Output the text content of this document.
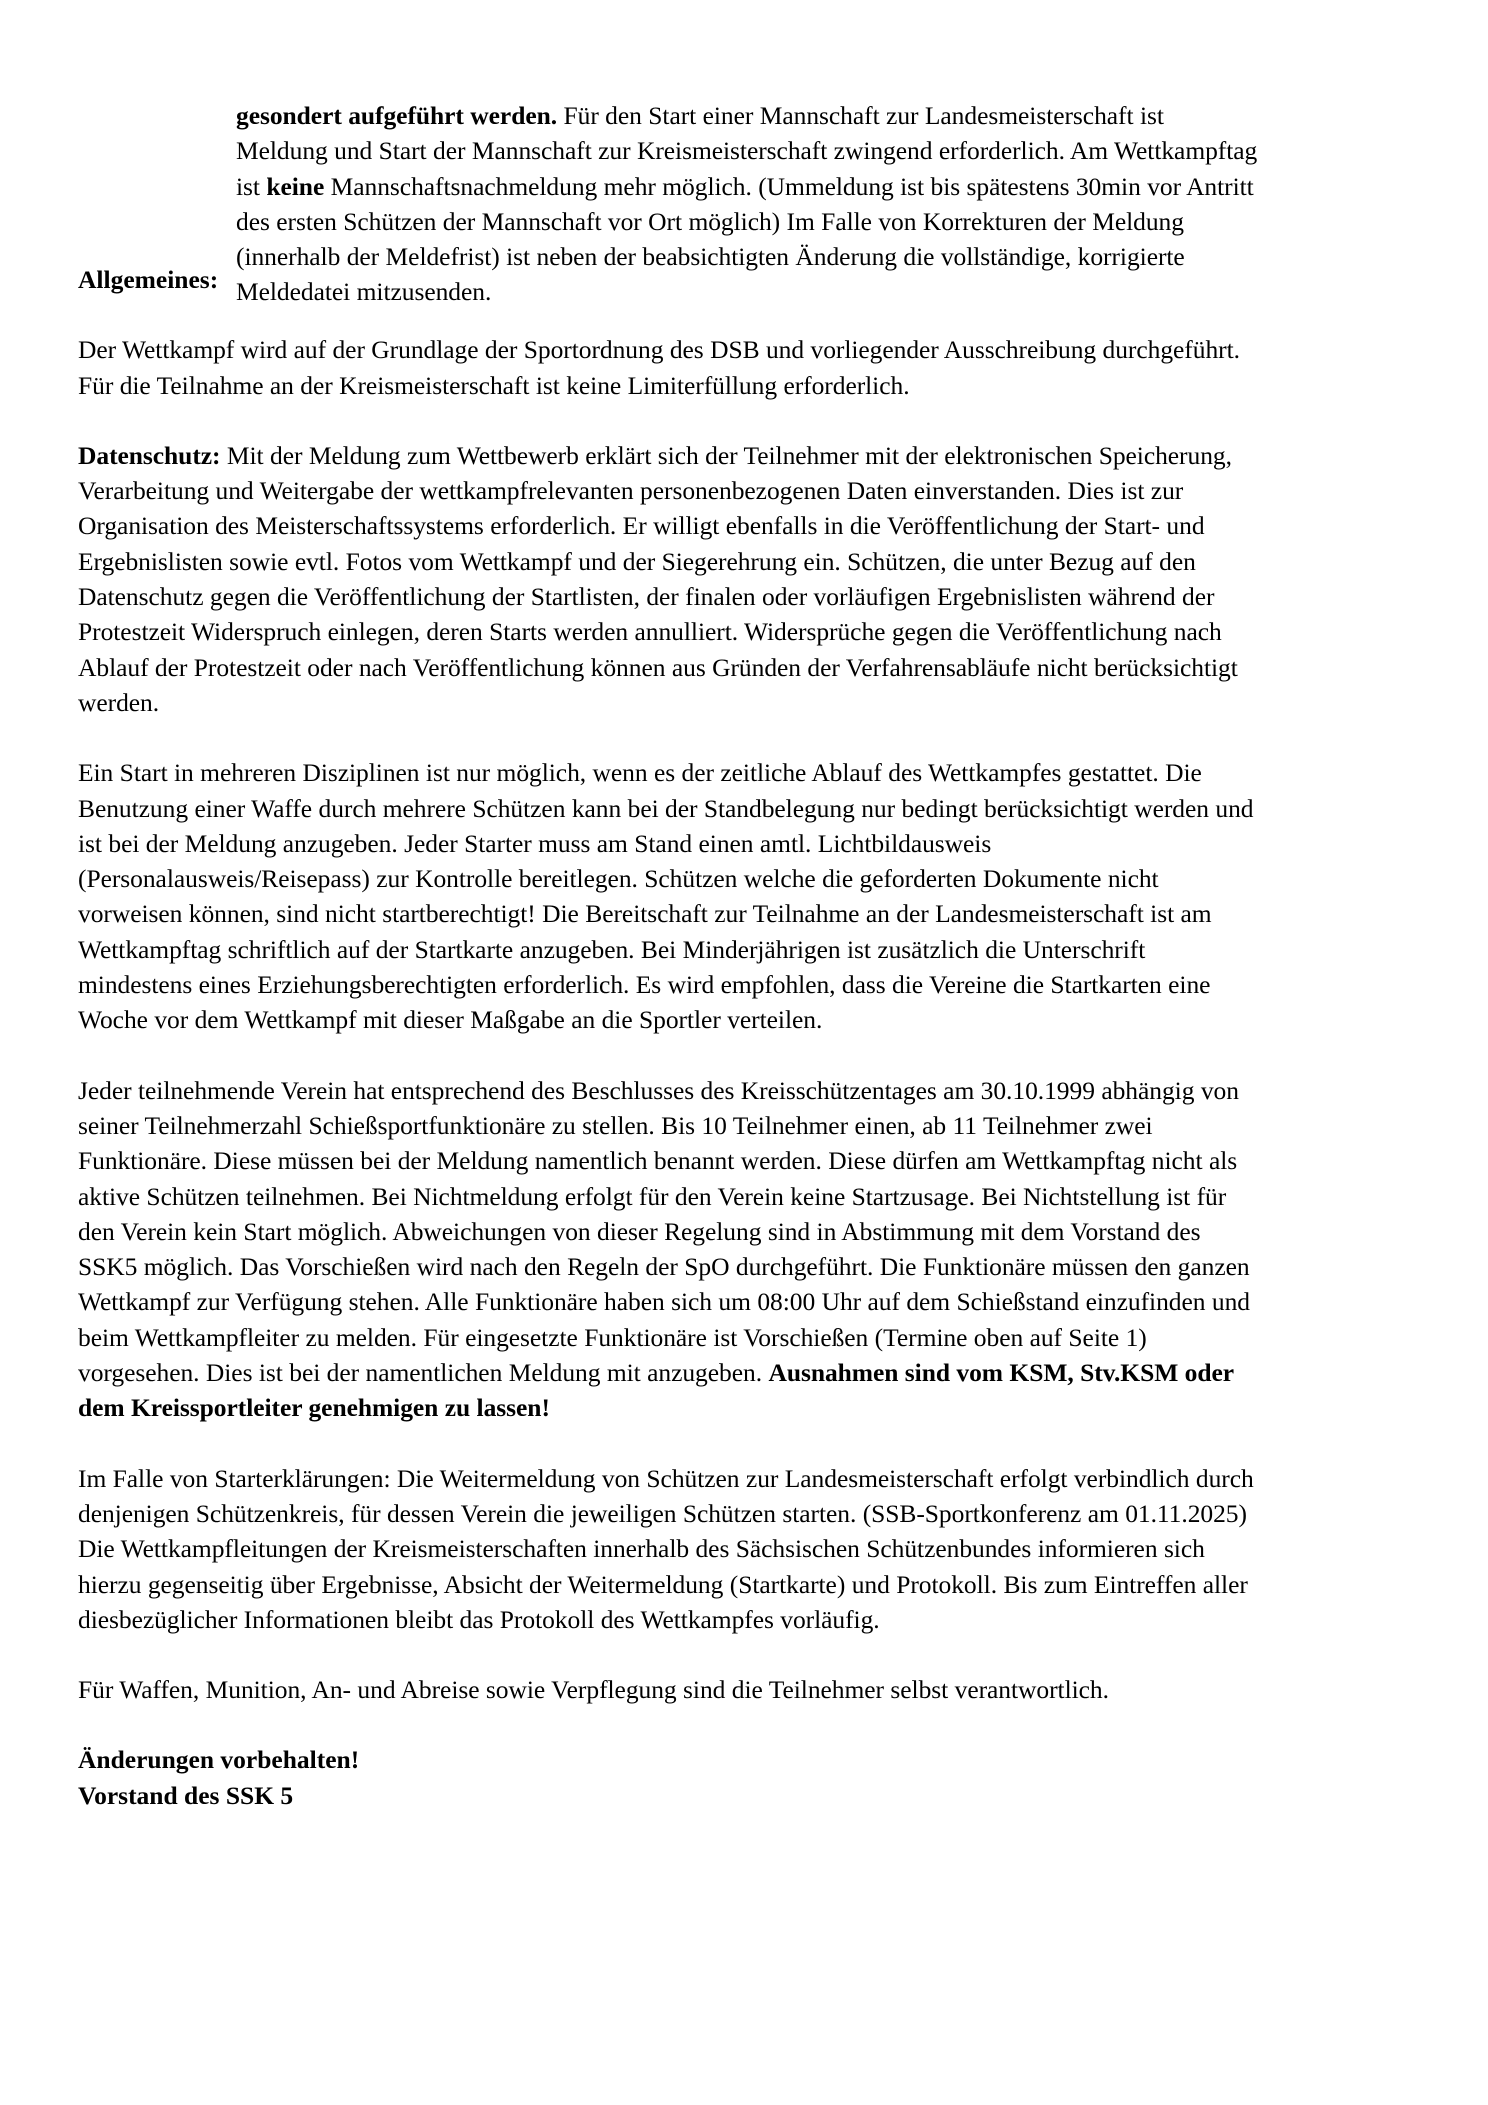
gesondert aufgeführt werden. Für den Start einer Mannschaft zur Landesmeisterschaft ist Meldung und Start der Mannschaft zur Kreismeisterschaft zwingend erforderlich. Am Wettkampftag ist keine Mannschaftsnachmeldung mehr möglich. (Ummeldung ist bis spätestens 30min vor Antritt des ersten Schützen der Mannschaft vor Ort möglich) Im Falle von Korrekturen der Meldung (innerhalb der Meldefrist) ist neben der beabsichtigten Änderung die vollständige, korrigierte Meldedatei mitzusenden.

Allgemeines:

Der Wettkampf wird auf der Grundlage der Sportordnung des DSB und vorliegender Ausschreibung durchgeführt. Für die Teilnahme an der Kreismeisterschaft ist keine Limiterfüllung erforderlich.

Datenschutz: Mit der Meldung zum Wettbewerb erklärt sich der Teilnehmer mit der elektronischen Speicherung, Verarbeitung und Weitergabe der wettkampfrelevanten personenbezogenen Daten einverstanden. Dies ist zur Organisation des Meisterschaftssystems erforderlich. Er willigt ebenfalls in die Veröffentlichung der Start- und Ergebnislisten sowie evtl. Fotos vom Wettkampf und der Siegerehrung ein. Schützen, die unter Bezug auf den Datenschutz gegen die Veröffentlichung der Startlisten, der finalen oder vorläufigen Ergebnislisten während der Protestzeit Widerspruch einlegen, deren Starts werden annulliert. Widersprüche gegen die Veröffentlichung nach Ablauf der Protestzeit oder nach Veröffentlichung können aus Gründen der Verfahrensabläufe nicht berücksichtigt werden.

Ein Start in mehreren Disziplinen ist nur möglich, wenn es der zeitliche Ablauf des Wettkampfes gestattet. Die Benutzung einer Waffe durch mehrere Schützen kann bei der Standbelegung nur bedingt berücksichtigt werden und ist bei der Meldung anzugeben. Jeder Starter muss am Stand einen amtl. Lichtbildausweis (Personalausweis/Reisepass) zur Kontrolle bereitlegen. Schützen welche die geforderten Dokumente nicht vorweisen können, sind nicht startberechtigt! Die Bereitschaft zur Teilnahme an der Landesmeisterschaft ist am Wettkampftag schriftlich auf der Startkarte anzugeben. Bei Minderjährigen ist zusätzlich die Unterschrift mindestens eines Erziehungsberechtigten erforderlich. Es wird empfohlen, dass die Vereine die Startkarten eine Woche vor dem Wettkampf mit dieser Maßgabe an die Sportler verteilen.

Jeder teilnehmende Verein hat entsprechend des Beschlusses des Kreisschützentages am 30.10.1999 abhängig von seiner Teilnehmerzahl Schießsportfunktionäre zu stellen. Bis 10 Teilnehmer einen, ab 11 Teilnehmer zwei Funktionäre. Diese müssen bei der Meldung namentlich benannt werden. Diese dürfen am Wettkampftag nicht als aktive Schützen teilnehmen. Bei Nichtmeldung erfolgt für den Verein keine Startzusage. Bei Nichtstellung ist für den Verein kein Start möglich. Abweichungen von dieser Regelung sind in Abstimmung mit dem Vorstand des SSK5 möglich. Das Vorschießen wird nach den Regeln der SpO durchgeführt. Die Funktionäre müssen den ganzen Wettkampf zur Verfügung stehen. Alle Funktionäre haben sich um 08:00 Uhr auf dem Schießstand einzufinden und beim Wettkampfleiter zu melden. Für eingesetzte Funktionäre ist Vorschießen (Termine oben auf Seite 1) vorgesehen. Dies ist bei der namentlichen Meldung mit anzugeben. Ausnahmen sind vom KSM, Stv.KSM oder dem Kreissportleiter genehmigen zu lassen!

Im Falle von Starterklärungen: Die Weitermeldung von Schützen zur Landesmeisterschaft erfolgt verbindlich durch denjenigen Schützenkreis, für dessen Verein die jeweiligen Schützen starten. (SSB-Sportkonferenz am 01.11.2025) Die Wettkampfleitungen der Kreismeisterschaften innerhalb des Sächsischen Schützenbundes informieren sich hierzu gegenseitig über Ergebnisse, Absicht der Weitermeldung (Startkarte) und Protokoll. Bis zum Eintreffen aller diesbezüglicher Informationen bleibt das Protokoll des Wettkampfes vorläufig.

Für Waffen, Munition, An- und Abreise sowie Verpflegung sind die Teilnehmer selbst verantwortlich.

Änderungen vorbehalten!

Vorstand des SSK 5
